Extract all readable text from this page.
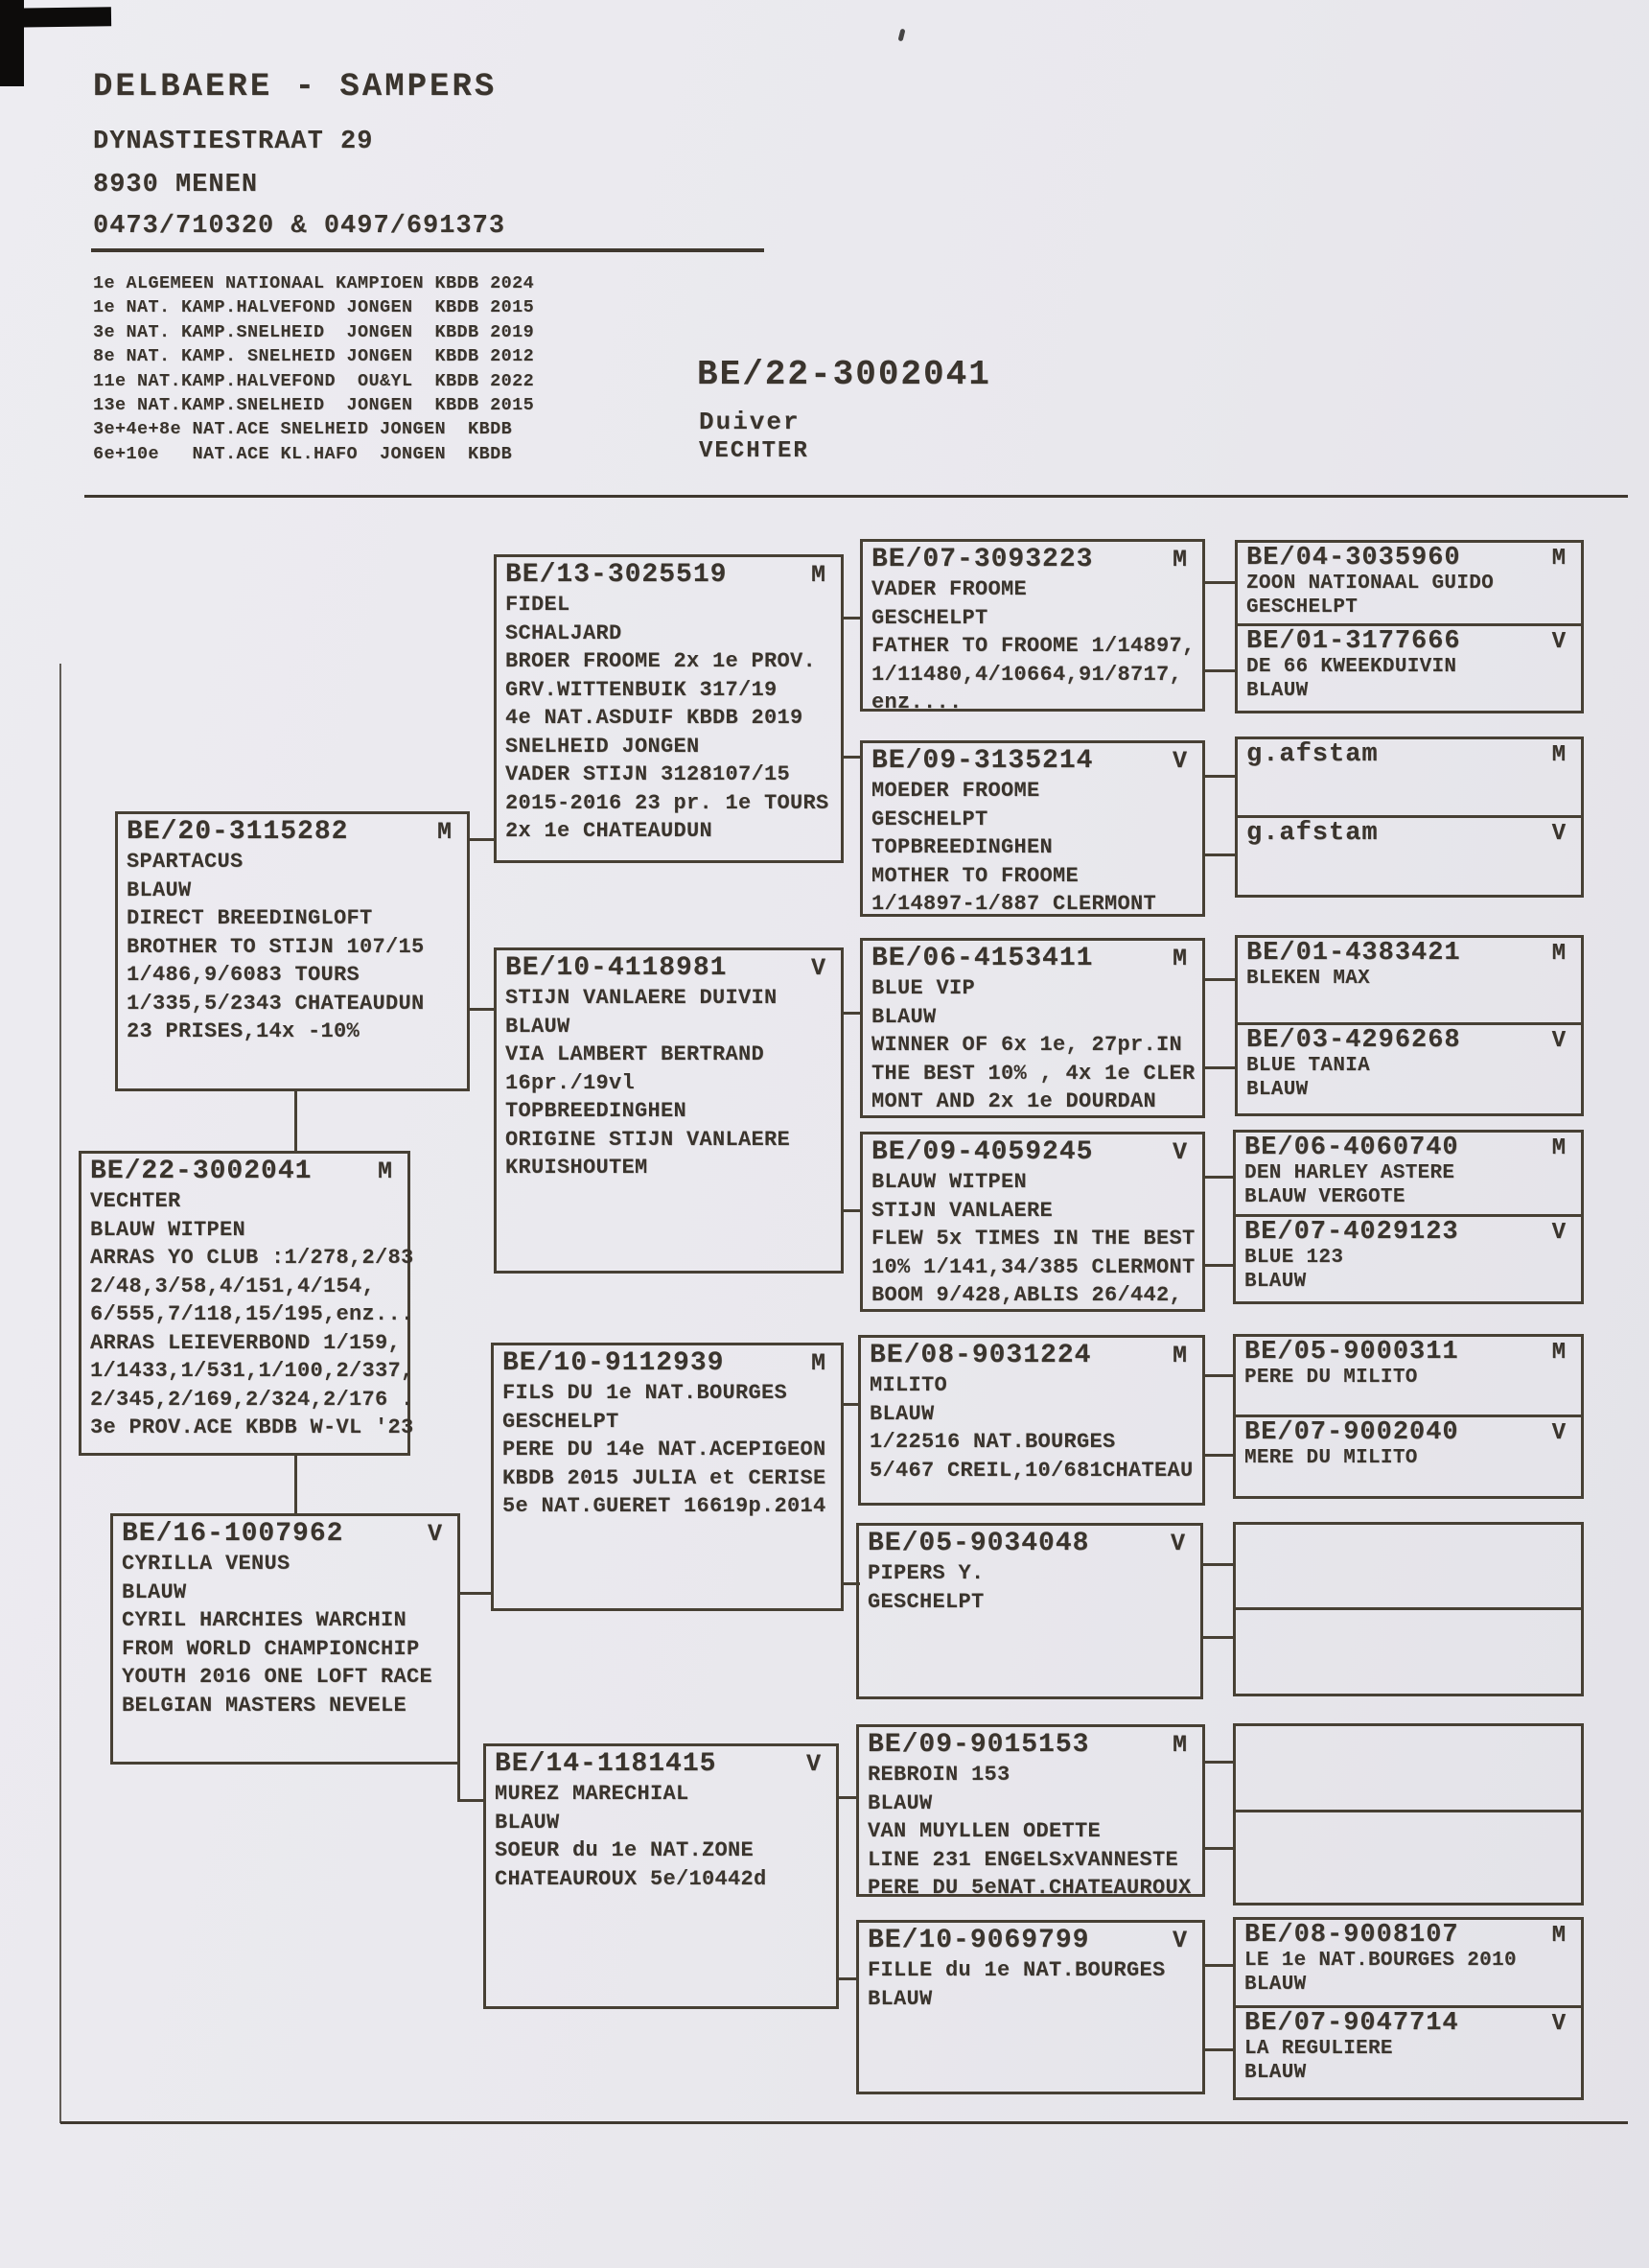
DELBAERE - SAMPERS
DYNASTIESTRAAT 29
8930 MENEN
0473/710320 & 0497/691373
1e ALGEMEEN NATIONAAL KAMPIOEN KBDB 2024
1e NAT. KAMP.HALVEFOND JONGEN  KBDB 2015
3e NAT. KAMP.SNELHEID  JONGEN  KBDB 2019
8e NAT. KAMP. SNELHEID JONGEN  KBDB 2012
11e NAT.KAMP.HALVEFOND  OU&YL  KBDB 2022
13e NAT.KAMP.SNELHEID  JONGEN  KBDB 2015
3e+4e+8e NAT.ACE SNELHEID JONGEN  KBDB
6e+10e   NAT.ACE KL.HAFO  JONGEN  KBDB
BE/22-3002041
Duiver
VECHTER
BE/20-3115282	M
SPARTACUS
BLAUW
DIRECT BREEDINGLOFT
BROTHER TO STIJN 107/15
1/486,9/6083 TOURS
1/335,5/2343 CHATEAUDUN
23 PRISES,14x -10%
BE/22-3002041	M
VECHTER
BLAUW WITPEN
ARRAS YO CLUB :1/278,2/83
2/48,3/58,4/151,4/154,
6/555,7/118,15/195,enz...
ARRAS LEIEVERBOND 1/159,
1/1433,1/531,1/100,2/337,
2/345,2/169,2/324,2/176 .
3e PROV.ACE KBDB W-VL '23
BE/16-1007962	V
CYRILLA VENUS
BLAUW
CYRIL HARCHIES WARCHIN
FROM WORLD CHAMPIONCHIP
YOUTH 2016 ONE LOFT RACE
BELGIAN MASTERS NEVELE
BE/13-3025519	M
FIDEL
SCHALJARD
BROER FROOME 2x 1e PROV.
GRV.WITTENBUIK 317/19
4e NAT.ASDUIF KBDB 2019
SNELHEID JONGEN
VADER STIJN 3128107/15
2015-2016 23 pr. 1e TOURS
2x 1e CHATEAUDUN
BE/10-4118981	V
STIJN VANLAERE DUIVIN
BLAUW
VIA LAMBERT BERTRAND
16pr./19vl
TOPBREEDINGHEN
ORIGINE STIJN VANLAERE
KRUISHOUTEM
BE/10-9112939	M
FILS DU 1e NAT.BOURGES
GESCHELPT
PERE DU 14e NAT.ACEPIGEON
KBDB 2015 JULIA et CERISE
5e NAT.GUERET 16619p.2014
BE/14-1181415	V
MUREZ MARECHIAL
BLAUW
SOEUR du 1e NAT.ZONE
CHATEAUROUX 5e/10442d
BE/07-3093223	M
VADER FROOME
GESCHELPT
FATHER TO FROOME 1/14897,
1/11480,4/10664,91/8717,
enz....
BE/09-3135214	V
MOEDER FROOME
GESCHELPT
TOPBREEDINGHEN
MOTHER TO FROOME
1/14897-1/887 CLERMONT
BE/06-4153411	M
BLUE VIP
BLAUW
WINNER OF 6x 1e, 27pr.IN
THE BEST 10% , 4x 1e CLER
MONT AND 2x 1e DOURDAN
BE/09-4059245	V
BLAUW WITPEN
STIJN VANLAERE
FLEW 5x TIMES IN THE BEST
10% 1/141,34/385 CLERMONT
BOOM 9/428,ABLIS 26/442,
BE/08-9031224	M
MILITO
BLAUW
1/22516 NAT.BOURGES
5/467 CREIL,10/681CHATEAU
BE/05-9034048	V
PIPERS Y.
GESCHELPT
BE/09-9015153	M
REBROIN 153
BLAUW
VAN MUYLLEN ODETTE
LINE 231 ENGELSxVANNESTE
PERE DU 5eNAT.CHATEAUROUX
BE/10-9069799	V
FILLE du 1e NAT.BOURGES
BLAUW
BE/04-3035960	M
ZOON NATIONAAL GUIDO
GESCHELPT
BE/01-3177666	V
DE 66 KWEEKDUIVIN
BLAUW
g.afstam	M
g.afstam	V
BE/01-4383421	M
BLEKEN MAX
BE/03-4296268	V
BLUE TANIA
BLAUW
BE/06-4060740	M
DEN HARLEY ASTERE
BLAUW VERGOTE
BE/07-4029123	V
BLUE 123
BLAUW
BE/05-9000311	M
PERE DU MILITO
BE/07-9002040	V
MERE DU MILITO
BE/08-9008107	M
LE 1e NAT.BOURGES 2010
BLAUW
BE/07-9047714	V
LA REGULIERE
BLAUW
